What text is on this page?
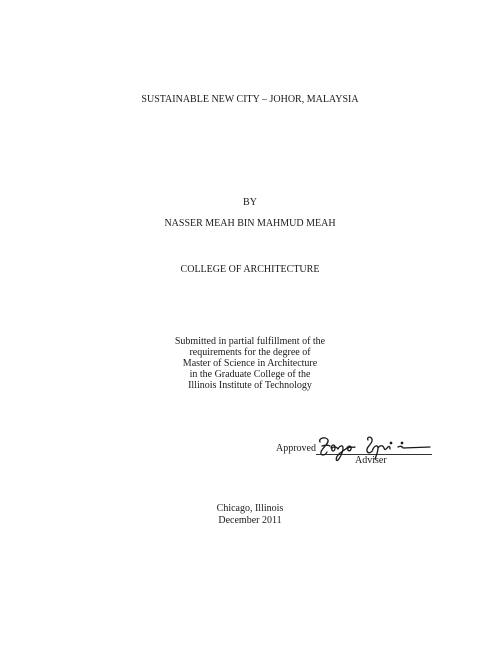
SUSTAINABLE NEW CITY – JOHOR, MALAYSIA
BY
NASSER MEAH BIN MAHMUD MEAH
COLLEGE OF ARCHITECTURE
Submitted in partial fulfillment of the
requirements for the degree of
Master of Science in Architecture
in the Graduate College of the
Illinois Institute of Technology
Approved
Adviser
Chicago, Illinois
December 2011
